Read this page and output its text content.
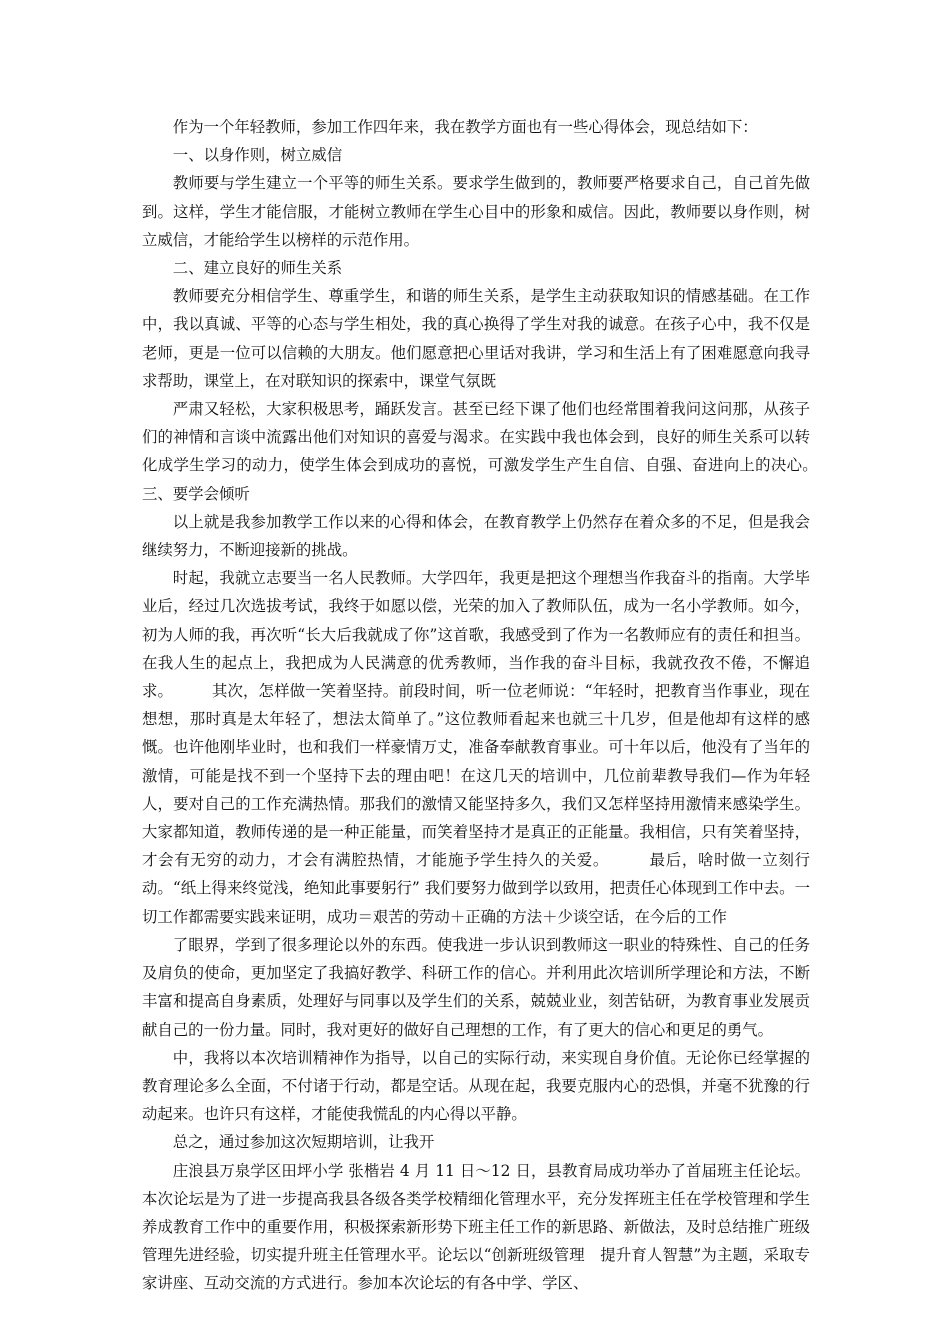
作为一个年轻教师，参加工作四年来，我在教学方面也有一些心得体会，现总结如下：

一、以身作则，树立威信

教师要与学生建立一个平等的师生关系。要求学生做到的，教师要严格要求自己，自己首先做到。这样，学生才能信服，才能树立教师在学生心目中的形象和威信。因此，教师要以身作则，树立威信，才能给学生以榜样的示范作用。

二、建立良好的师生关系

教师要充分相信学生、尊重学生，和谐的师生关系，是学生主动获取知识的情感基础。在工作中，我以真诚、平等的心态与学生相处，我的真心换得了学生对我的诚意。在孩子心中，我不仅是老师，更是一位可以信赖的大朋友。他们愿意把心里话对我讲，学习和生活上有了困难愿意向我寻求帮助，课堂上，在对联知识的探索中，课堂气氛既

严肃又轻松，大家积极思考，踊跃发言。甚至已经下课了他们也经常围着我问这问那，从孩子们的神情和言谈中流露出他们对知识的喜爱与渴求。在实践中我也体会到，良好的师生关系可以转化成学生学习的动力，使学生体会到成功的喜悦，可激发学生产生自信、自强、奋进向上的决心。　　　三、要学会倾听

以上就是我参加教学工作以来的心得和体会，在教育教学上仍然存在着众多的不足，但是我会继续努力，不断迎接新的挑战。

时起，我就立志要当一名人民教师。大学四年，我更是把这个理想当作我奋斗的指南。大学毕业后，经过几次选拔考试，我终于如愿以偿，光荣的加入了教师队伍，成为一名小学教师。如今，初为人师的我，再次听“长大后我就成了你”这首歌，我感受到了作为一名教师应有的责任和担当。在我人生的起点上，我把成为人民满意的优秀教师，当作我的奋斗目标，我就孜孜不倦，不懈追求。　　　其次，怎样做一笑着坚持。前段时间，听一位老师说：“年轻时，把教育当作事业，现在想想，那时真是太年轻了，想法太简单了。”这位教师看起来也就三十几岁，但是他却有这样的感慨。也许他刚毕业时，也和我们一样豪情万丈，准备奉献教育事业。可十年以后，他没有了当年的激情，可能是找不到一个坚持下去的理由吧！在这几天的培训中，几位前辈教导我们—作为年轻人，要对自己的工作充满热情。那我们的激情又能坚持多久，我们又怎样坚持用激情来感染学生。大家都知道，教师传递的是一种正能量，而笑着坚持才是真正的正能量。我相信，只有笑着坚持，才会有无穷的动力，才会有满腔热情，才能施予学生持久的关爱。　　　最后，啥时做一立刻行动。“纸上得来终觉浅，绝知此事要躬行” 我们要努力做到学以致用，把责任心体现到工作中去。一切工作都需要实践来证明，成功＝艰苦的劳动＋正确的方法＋少谈空话，在今后的工作

了眼界，学到了很多理论以外的东西。使我进一步认识到教师这一职业的特殊性、自己的任务及肩负的使命，更加坚定了我搞好教学、科研工作的信心。并利用此次培训所学理论和方法，不断丰富和提高自身素质，处理好与同事以及学生们的关系，兢兢业业，刻苦钻研，为教育事业发展贡献自己的一份力量。同时，我对更好的做好自己理想的工作，有了更大的信心和更足的勇气。

中，我将以本次培训精神作为指导，以自己的实际行动，来实现自身价值。无论你已经掌握的教育理论多么全面，不付诸于行动，都是空话。从现在起，我要克服内心的恐惧，并毫不犹豫的行动起来。也许只有这样，才能使我慌乱的内心得以平静。

总之，通过参加这次短期培训，让我开

庄浪县万泉学区田坪小学 张楷岩 4 月 11 日～12 日，县教育局成功举办了首届班主任论坛。本次论坛是为了进一步提高我县各级各类学校精细化管理水平，充分发挥班主任在学校管理和学生养成教育工作中的重要作用，积极探索新形势下班主任工作的新思路、新做法，及时总结推广班级管理先进经验，切实提升班主任管理水平。论坛以“创新班级管理　提升育人智慧”为主题，采取专家讲座、互动交流的方式进行。参加本次论坛的有各中学、学区、
